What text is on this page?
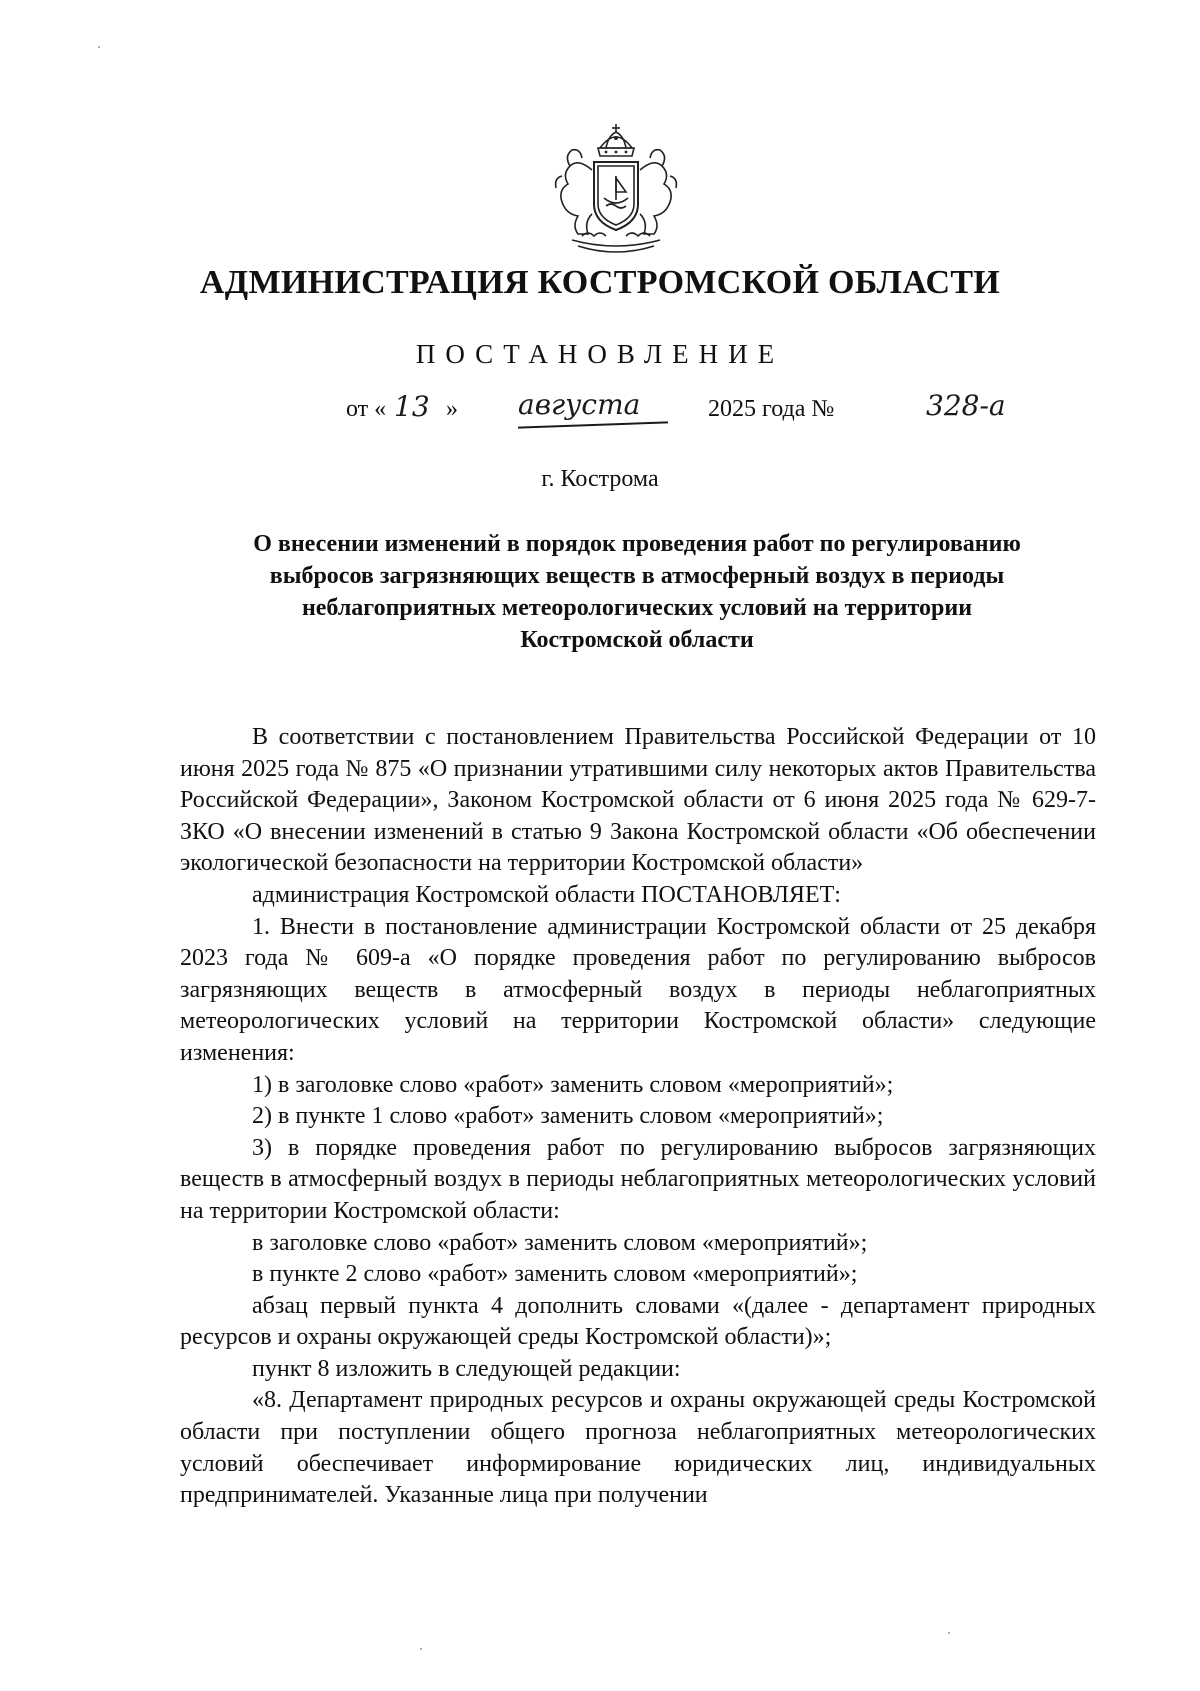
АДМИНИСТРАЦИЯ КОСТРОМСКОЙ ОБЛАСТИ
ПОСТАНОВЛЕНИЕ
от « 13 » августа	2025 года №	328-а
г. Кострома
О внесении изменений в порядок проведения работ по регулированию
выбросов загрязняющих веществ в атмосферный воздух в периоды
неблагоприятных метеорологических условий на территории
Костромской области

В соответствии с постановлением Правительства Российской Федерации от 10 июня 2025 года № 875 «О признании утратившими силу некоторых актов Правительства Российской Федерации», Законом Костромской области от 6 июня 2025 года № 629-7-ЗКО «О внесении изменений в статью 9 Закона Костромской области «Об обеспечении экологической безопасности на территории Костромской области»

администрация Костромской области ПОСТАНОВЛЯЕТ:

1. Внести в постановление администрации Костромской области от 25 декабря 2023 года № 609-а «О порядке проведения работ по регулированию выбросов загрязняющих веществ в атмосферный воздух в периоды неблагоприятных метеорологических условий на территории Костромской области» следующие изменения:

1) в заголовке слово «работ» заменить словом «мероприятий»;

2) в пункте 1 слово «работ» заменить словом «мероприятий»;

3) в порядке проведения работ по регулированию выбросов загрязняющих веществ в атмосферный воздух в периоды неблагоприятных метеорологических условий на территории Костромской области:

в заголовке слово «работ» заменить словом «мероприятий»;

в пункте 2 слово «работ» заменить словом «мероприятий»;

абзац первый пункта 4 дополнить словами «(далее - департамент природных ресурсов и охраны окружающей среды Костромской области)»;

пункт 8 изложить в следующей редакции:

«8. Департамент природных ресурсов и охраны окружающей среды Костромской области при поступлении общего прогноза неблагоприятных метеорологических условий обеспечивает информирование юридических лиц, индивидуальных предпринимателей. Указанные лица при получении
